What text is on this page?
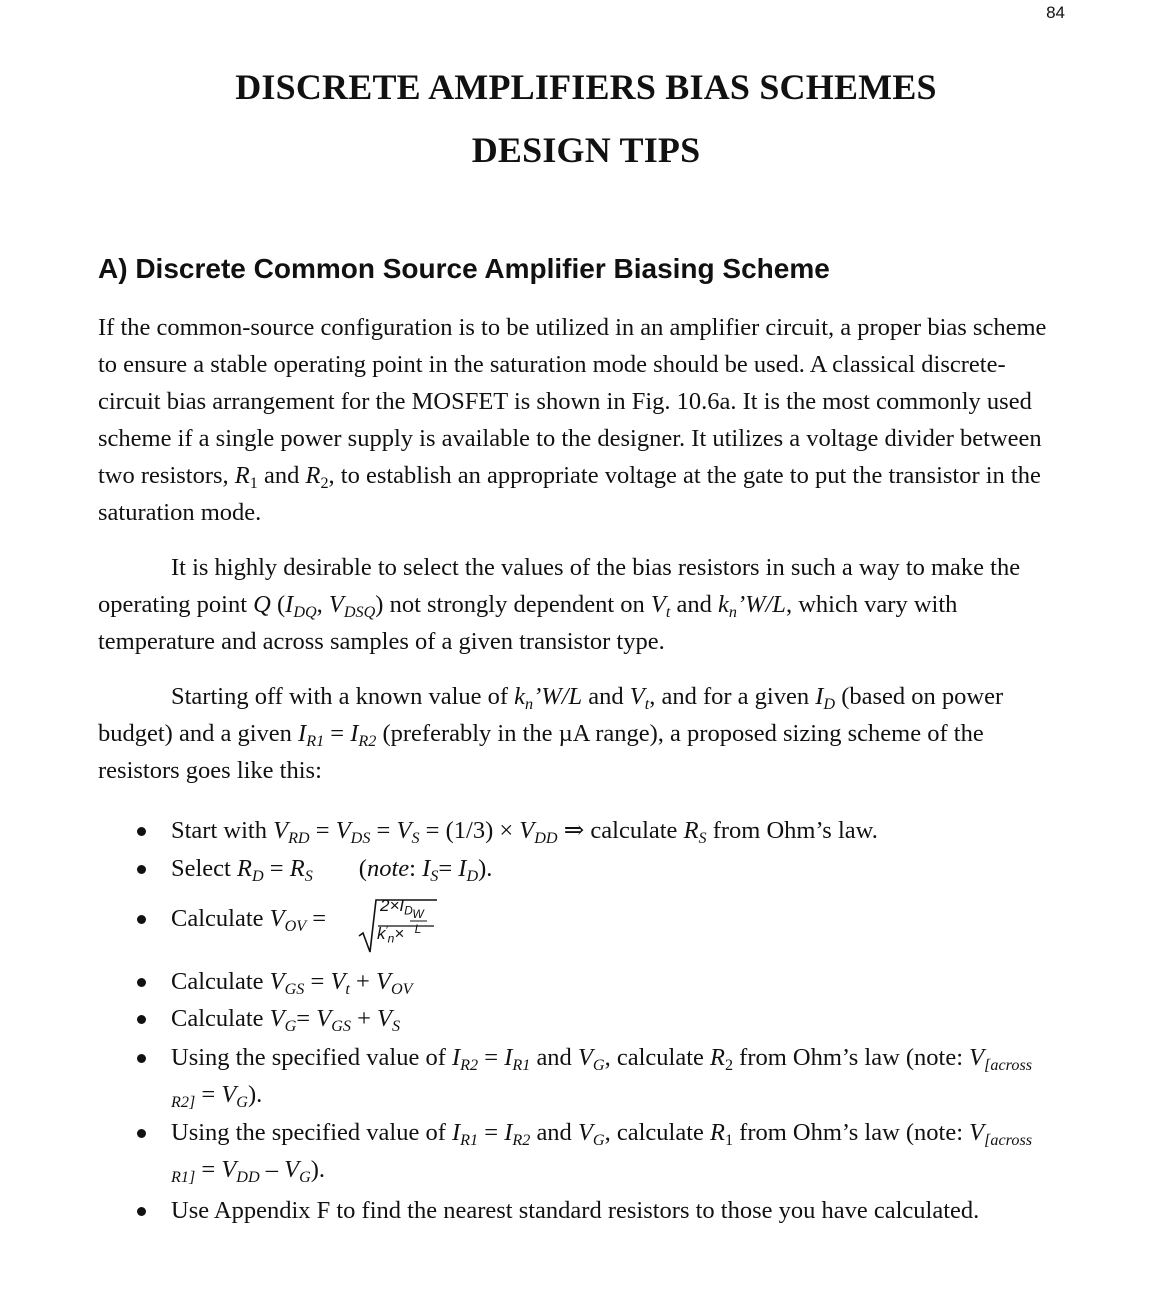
84
DISCRETE AMPLIFIERS BIAS SCHEMES
DESIGN TIPS
A) Discrete Common Source Amplifier Biasing Scheme

If the common-source configuration is to be utilized in an amplifier circuit, a proper bias scheme to ensure a stable operating point in the saturation mode should be used. A classical discrete-circuit bias arrangement for the MOSFET is shown in Fig. 10.6a. It is the most commonly used scheme if a single power supply is available to the designer. It utilizes a voltage divider between two resistors, $R_1$ and $R_2$, to establish an appropriate voltage at the gate to put the transistor in the saturation mode.

It is highly desirable to select the values of the bias resistors in such a way to make the operating point Q ($I_{DQ}$, $V_{DSQ}$) not strongly dependent on $V_t$ and $k_n’W/L$, which vary with temperature and across samples of a given transistor type.

Starting off with a known value of $k_n’W/L$ and $V_t$, and for a given $I_D$ (based on power budget) and a given $I_{R1} = I_{R2}$ (preferably in the µA range), a proposed sizing scheme of the resistors goes like this:

Start with $V_{RD} = V_{DS} = V_S = (1/3) \times V_{DD}$ ⇒ calculate $R_S$ from Ohm’s law.
Select $R_D = R_S$ (note: $I_S= I_D$).
Calculate $V_{OV}$ =	$2\times I_D$
$k'_n\times$
W
L
Calculate $V_{GS} = V_t + V_{OV}$
Calculate $V_G= V_{GS} + V_S$
Using the specified value of $I_{R2} = I_{R1}$ and $V_G$, calculate $R_2$ from Ohm’s law (note: $V_{[across R2]} = V_G$).
Using the specified value of $I_{R1} = I_{R2}$ and $V_G$, calculate $R_1$ from Ohm’s law (note: $V_{[across R1]} = V_{DD} - V_G$).
Use Appendix F to find the nearest standard resistors to those you have calculated.
